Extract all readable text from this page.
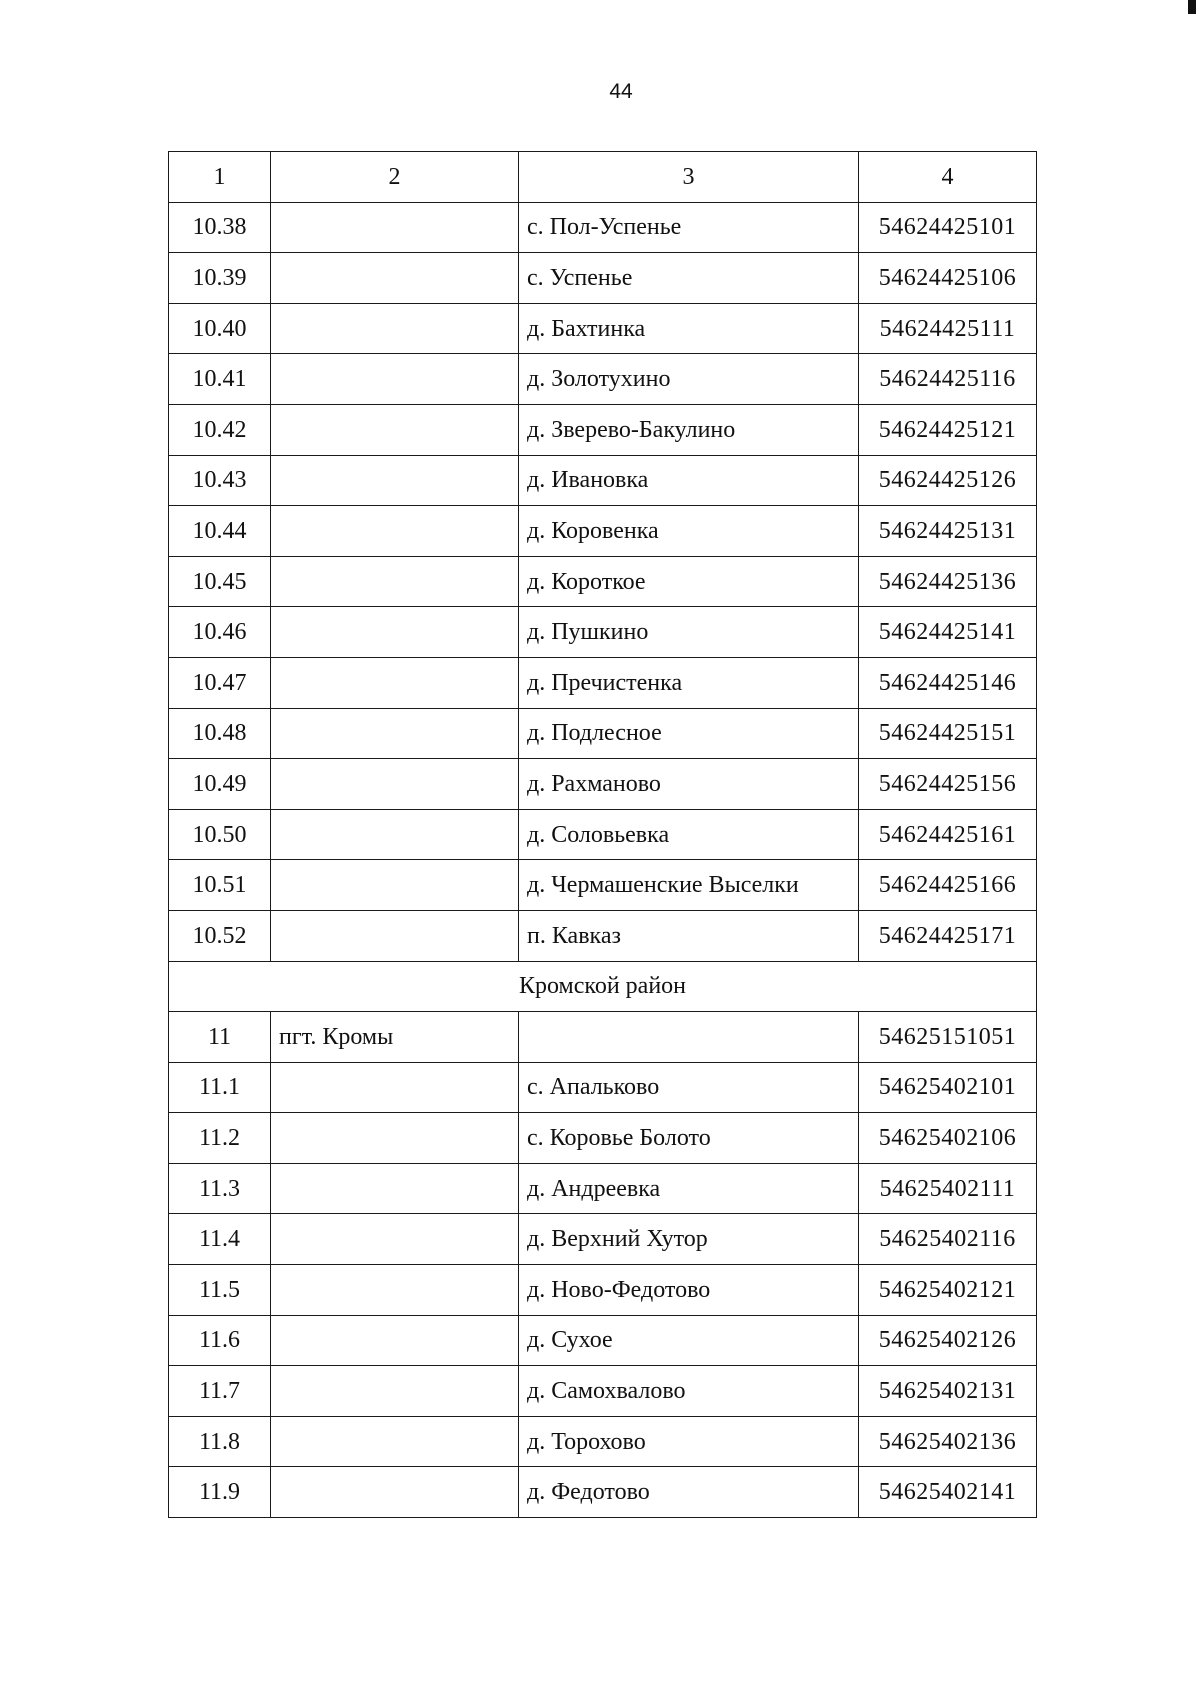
44
1	2	3	4
10.38		с. Пол-Успенье	54624425101
10.39		с. Успенье	54624425106
10.40		д. Бахтинка	54624425111
10.41		д. Золотухино	54624425116
10.42		д. Зверево-Бакулино	54624425121
10.43		д. Ивановка	54624425126
10.44		д. Коровенка	54624425131
10.45		д. Короткое	54624425136
10.46		д. Пушкино	54624425141
10.47		д. Пречистенка	54624425146
10.48		д. Подлесное	54624425151
10.49		д. Рахманово	54624425156
10.50		д. Соловьевка	54624425161
10.51		д. Чермашенские Выселки	54624425166
10.52		п. Кавказ	54624425171
Кромской район			
11	пгт. Кромы		54625151051
11.1		с. Апальково	54625402101
11.2		с. Коровье Болото	54625402106
11.3		д. Андреевка	54625402111
11.4		д. Верхний Хутор	54625402116
11.5		д. Ново-Федотово	54625402121
11.6		д. Сухое	54625402126
11.7		д. Самохвалово	54625402131
11.8		д. Торохово	54625402136
11.9		д. Федотово	54625402141
